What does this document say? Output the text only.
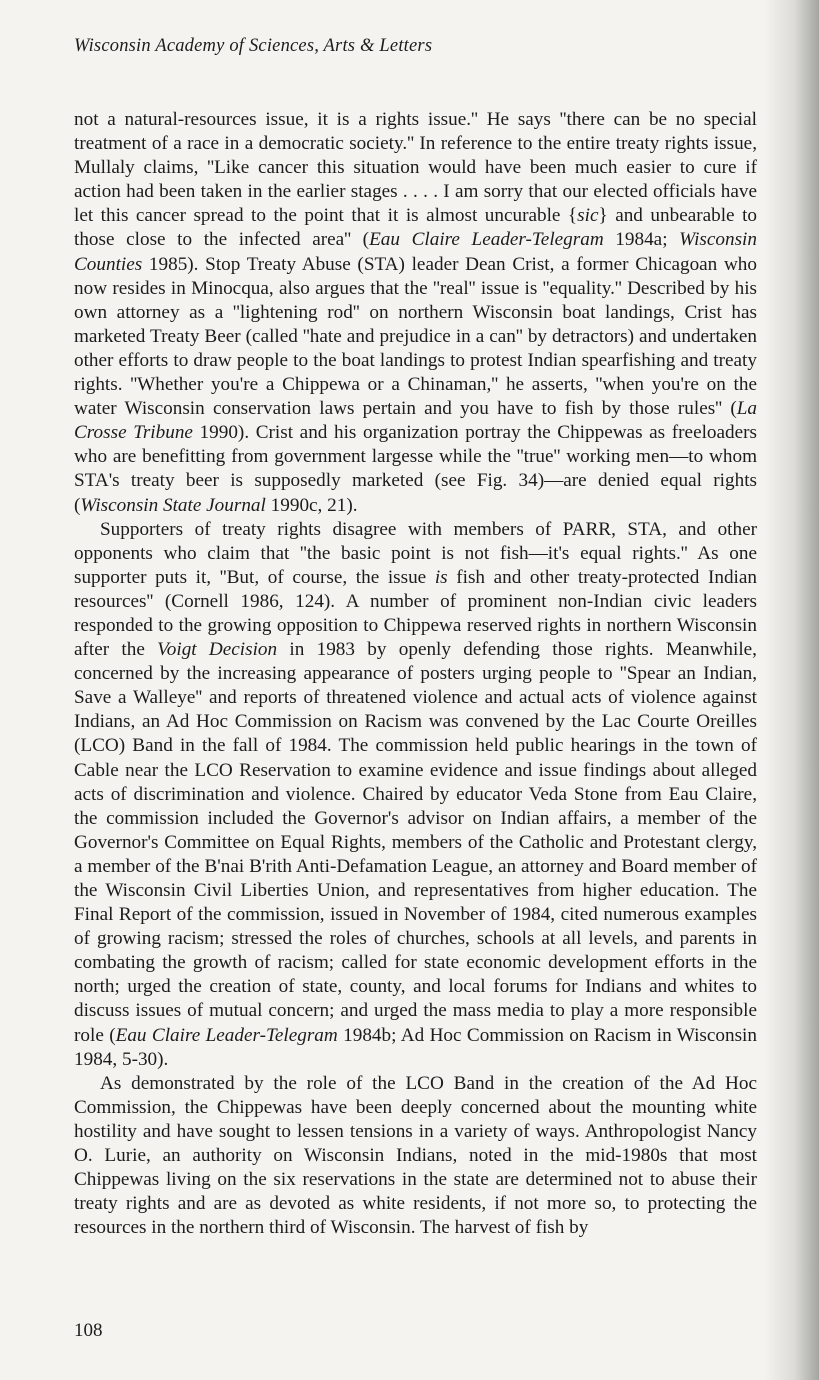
Wisconsin Academy of Sciences, Arts & Letters

not a natural-resources issue, it is a rights issue.'' He says ''there can be no special treatment of a race in a democratic society.'' In reference to the entire treaty rights issue, Mullaly claims, ''Like cancer this situation would have been much easier to cure if action had been taken in the earlier stages . . . . I am sorry that our elected officials have let this cancer spread to the point that it is almost uncurable {sic} and unbearable to those close to the infected area'' (Eau Claire Leader-Telegram 1984a; Wisconsin Counties 1985). Stop Treaty Abuse (STA) leader Dean Crist, a former Chicagoan who now resides in Minocqua, also argues that the ''real'' issue is ''equality.'' Described by his own attorney as a ''lightening rod'' on northern Wisconsin boat landings, Crist has marketed Treaty Beer (called ''hate and prejudice in a can'' by detractors) and undertaken other efforts to draw people to the boat landings to protest Indian spearfishing and treaty rights. ''Whether you're a Chippewa or a Chinaman,'' he asserts, ''when you're on the water Wisconsin conservation laws pertain and you have to fish by those rules'' (La Crosse Tribune 1990). Crist and his organization portray the Chippewas as freeloaders who are benefitting from government largesse while the ''true'' working men—to whom STA's treaty beer is supposedly marketed (see Fig. 34)—are denied equal rights (Wisconsin State Journal 1990c, 21).

Supporters of treaty rights disagree with members of PARR, STA, and other opponents who claim that ''the basic point is not fish—it's equal rights.'' As one supporter puts it, ''But, of course, the issue is fish and other treaty-protected Indian resources'' (Cornell 1986, 124). A number of prominent non-Indian civic leaders responded to the growing opposition to Chippewa reserved rights in northern Wisconsin after the Voigt Decision in 1983 by openly defending those rights. Meanwhile, concerned by the increasing appearance of posters urging people to ''Spear an Indian, Save a Walleye'' and reports of threatened violence and actual acts of violence against Indians, an Ad Hoc Commission on Racism was convened by the Lac Courte Oreilles (LCO) Band in the fall of 1984. The commission held public hearings in the town of Cable near the LCO Reservation to examine evidence and issue findings about alleged acts of discrimination and violence. Chaired by educator Veda Stone from Eau Claire, the commission included the Governor's advisor on Indian affairs, a member of the Governor's Committee on Equal Rights, members of the Catholic and Protestant clergy, a member of the B'nai B'rith Anti-Defamation League, an attorney and Board member of the Wisconsin Civil Liberties Union, and representatives from higher education. The Final Report of the commission, issued in November of 1984, cited numerous examples of growing racism; stressed the roles of churches, schools at all levels, and parents in combating the growth of racism; called for state economic development efforts in the north; urged the creation of state, county, and local forums for Indians and whites to discuss issues of mutual concern; and urged the mass media to play a more responsible role (Eau Claire Leader-Telegram 1984b; Ad Hoc Commission on Racism in Wisconsin 1984, 5-30).

As demonstrated by the role of the LCO Band in the creation of the Ad Hoc Commission, the Chippewas have been deeply concerned about the mounting white hostility and have sought to lessen tensions in a variety of ways. Anthropologist Nancy O. Lurie, an authority on Wisconsin Indians, noted in the mid-1980s that most Chippewas living on the six reservations in the state are determined not to abuse their treaty rights and are as devoted as white residents, if not more so, to protecting the resources in the northern third of Wisconsin. The harvest of fish by

108
